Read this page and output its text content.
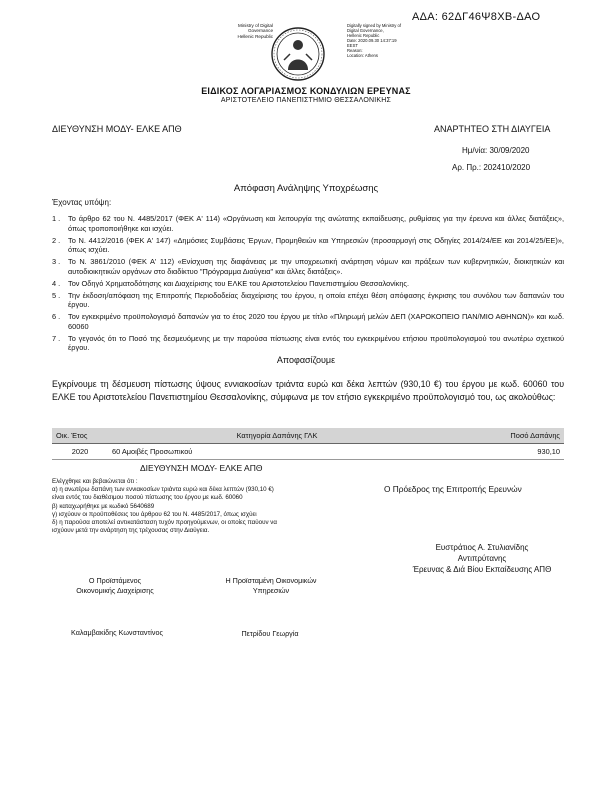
ΑΔΑ: 62ΔΓ46Ψ8ΧΒ-ΔΑΟ
Ministry of Digital
Governance
Hellenic Republic
Digitally signed by Ministry of
Digital Governance,
Hellenic Republic
Date: 2020.09.30 14:37:19
EEST
Reason:
Location: Athens
ΕΙΔΙΚΟΣ ΛΟΓΑΡΙΑΣΜΟΣ ΚΟΝΔΥΛΙΩΝ ΕΡΕΥΝΑΣ
ΑΡΙΣΤΟΤΕΛΕΙΟ ΠΑΝΕΠΙΣΤΗΜΙΟ ΘΕΣΣΑΛΟΝΙΚΗΣ
ΔΙΕΥΘΥΝΣΗ ΜΟΔΥ- ΕΛΚΕ ΑΠΘ	ΑΝΑΡΤΗΤΕΟ ΣΤΗ ΔΙΑΥΓΕΙΑ
Ημ/νία: 30/09/2020
Αρ. Πρ.: 202410/2020
Απόφαση Ανάληψης Υποχρέωσης
Έχοντας υπόψη:
1 .	Το άρθρο 62 του Ν. 4485/2017 (ΦΕΚ Α' 114) «Οργάνωση και λειτουργία της ανώτατης εκπαίδευσης, ρυθμίσεις για την έρευνα και άλλες διατάξεις», όπως τροποποιήθηκε και ισχύει.
2 .	Το Ν. 4412/2016 (ΦΕΚ Α' 147) «Δημόσιες Συμβάσεις Έργων, Προμηθειών και Υπηρεσιών (προσαρμογή στις Οδηγίες 2014/24/ΕΕ και 2014/25/ΕΕ)», όπως ισχύει.
3 .	Το Ν. 3861/2010 (ΦΕΚ Α' 112) «Ενίσχυση της διαφάνειας με την υποχρεωτική ανάρτηση νόμων και πράξεων των κυβερνητικών, διοικητικών και αυτοδιοικητικών οργάνων στο διαδίκτυο "Πρόγραμμα Διαύγεια" και άλλες διατάξεις».
4 .	Τον Οδηγό Χρηματοδότησης και Διαχείρισης του ΕΛΚΕ του Αριστοτελείου Πανεπιστημίου Θεσσαλονίκης.
5 .	Την έκδοση/απόφαση της Επιτροπής Περιοδοδείας διαχείρισης του έργου, η οποία επέχει θέση απόφασης έγκρισης του συνόλου των δαπανών του έργου.
6 .	Τον εγκεκριμένο προϋπολογισμό δαπανών για το έτος 2020 του έργου με τίτλο «Πληρωμή μελών ΔΕΠ (ΧΑΡΟΚΟΠΕΙΟ ΠΑΝ/ΜΙΟ ΑΘΗΝΩΝ)» και κωδ. 60060
7 .	Το γεγονός ότι το Ποσό της δεσμευόμενης με την παρούσα πίστωσης είναι εντός του εγκεκριμένου ετήσιου προϋπολογισμού του ανωτέρω σχετικού έργου.
Αποφασίζουμε
Εγκρίνουμε τη δέσμευση πίστωσης ύψους εννιακοσίων τριάντα ευρώ και δέκα λεπτών (930,10 €) του έργου με κωδ. 60060 του ΕΛΚΕ του Αριστοτελείου Πανεπιστημίου Θεσσαλονίκης, σύμφωνα με τον ετήσιο εγκεκριμένο προϋπολογισμό του, ως ακολούθως:
Οικ. Έτος	Κατηγορία Δαπάνης ΓΛΚ	Ποσό Δαπάνης
2020	60 Αμοιβές Προσωπικού	930,10
ΔΙΕΥΘΥΝΣΗ ΜΟΔΥ- ΕΛΚΕ ΑΠΘ
Ελέγχθηκε και βεβαιώνεται ότι :
α) η ανωτέρω δαπάνη των εννιακοσίων τριάντα ευρώ και δέκα λεπτών (930,10 €)
είναι εντός του διαθέσιμου ποσού πίστωσης του έργου με κωδ. 60060
β) καταχωρήθηκε με κωδικό 5640689
γ) ισχύουν οι προϋποθέσεις του άρθρου 62 του Ν. 4485/2017, όπως ισχύει
δ) η παρούσα αποτελεί αντικατάσταση τυχόν προηγούμενων, οι οποίες παύουν να
ισχύουν μετά την ανάρτηση της τρέχουσας στην Διαύγεια.
Ο Πρόεδρος της Επιτροπής Ερευνών
Ευστράτιος Α. Στυλιανίδης
Αντιπρύτανης
Έρευνας & Διά Βίου Εκπαίδευσης ΑΠΘ
Ο Προϊστάμενος
Οικονομικής Διαχείρισης
Η Προϊσταμένη Οικονομικών
Υπηρεσιών
Καλαμβακίδης Κωνσταντίνος	Πετρίδου Γεωργία
